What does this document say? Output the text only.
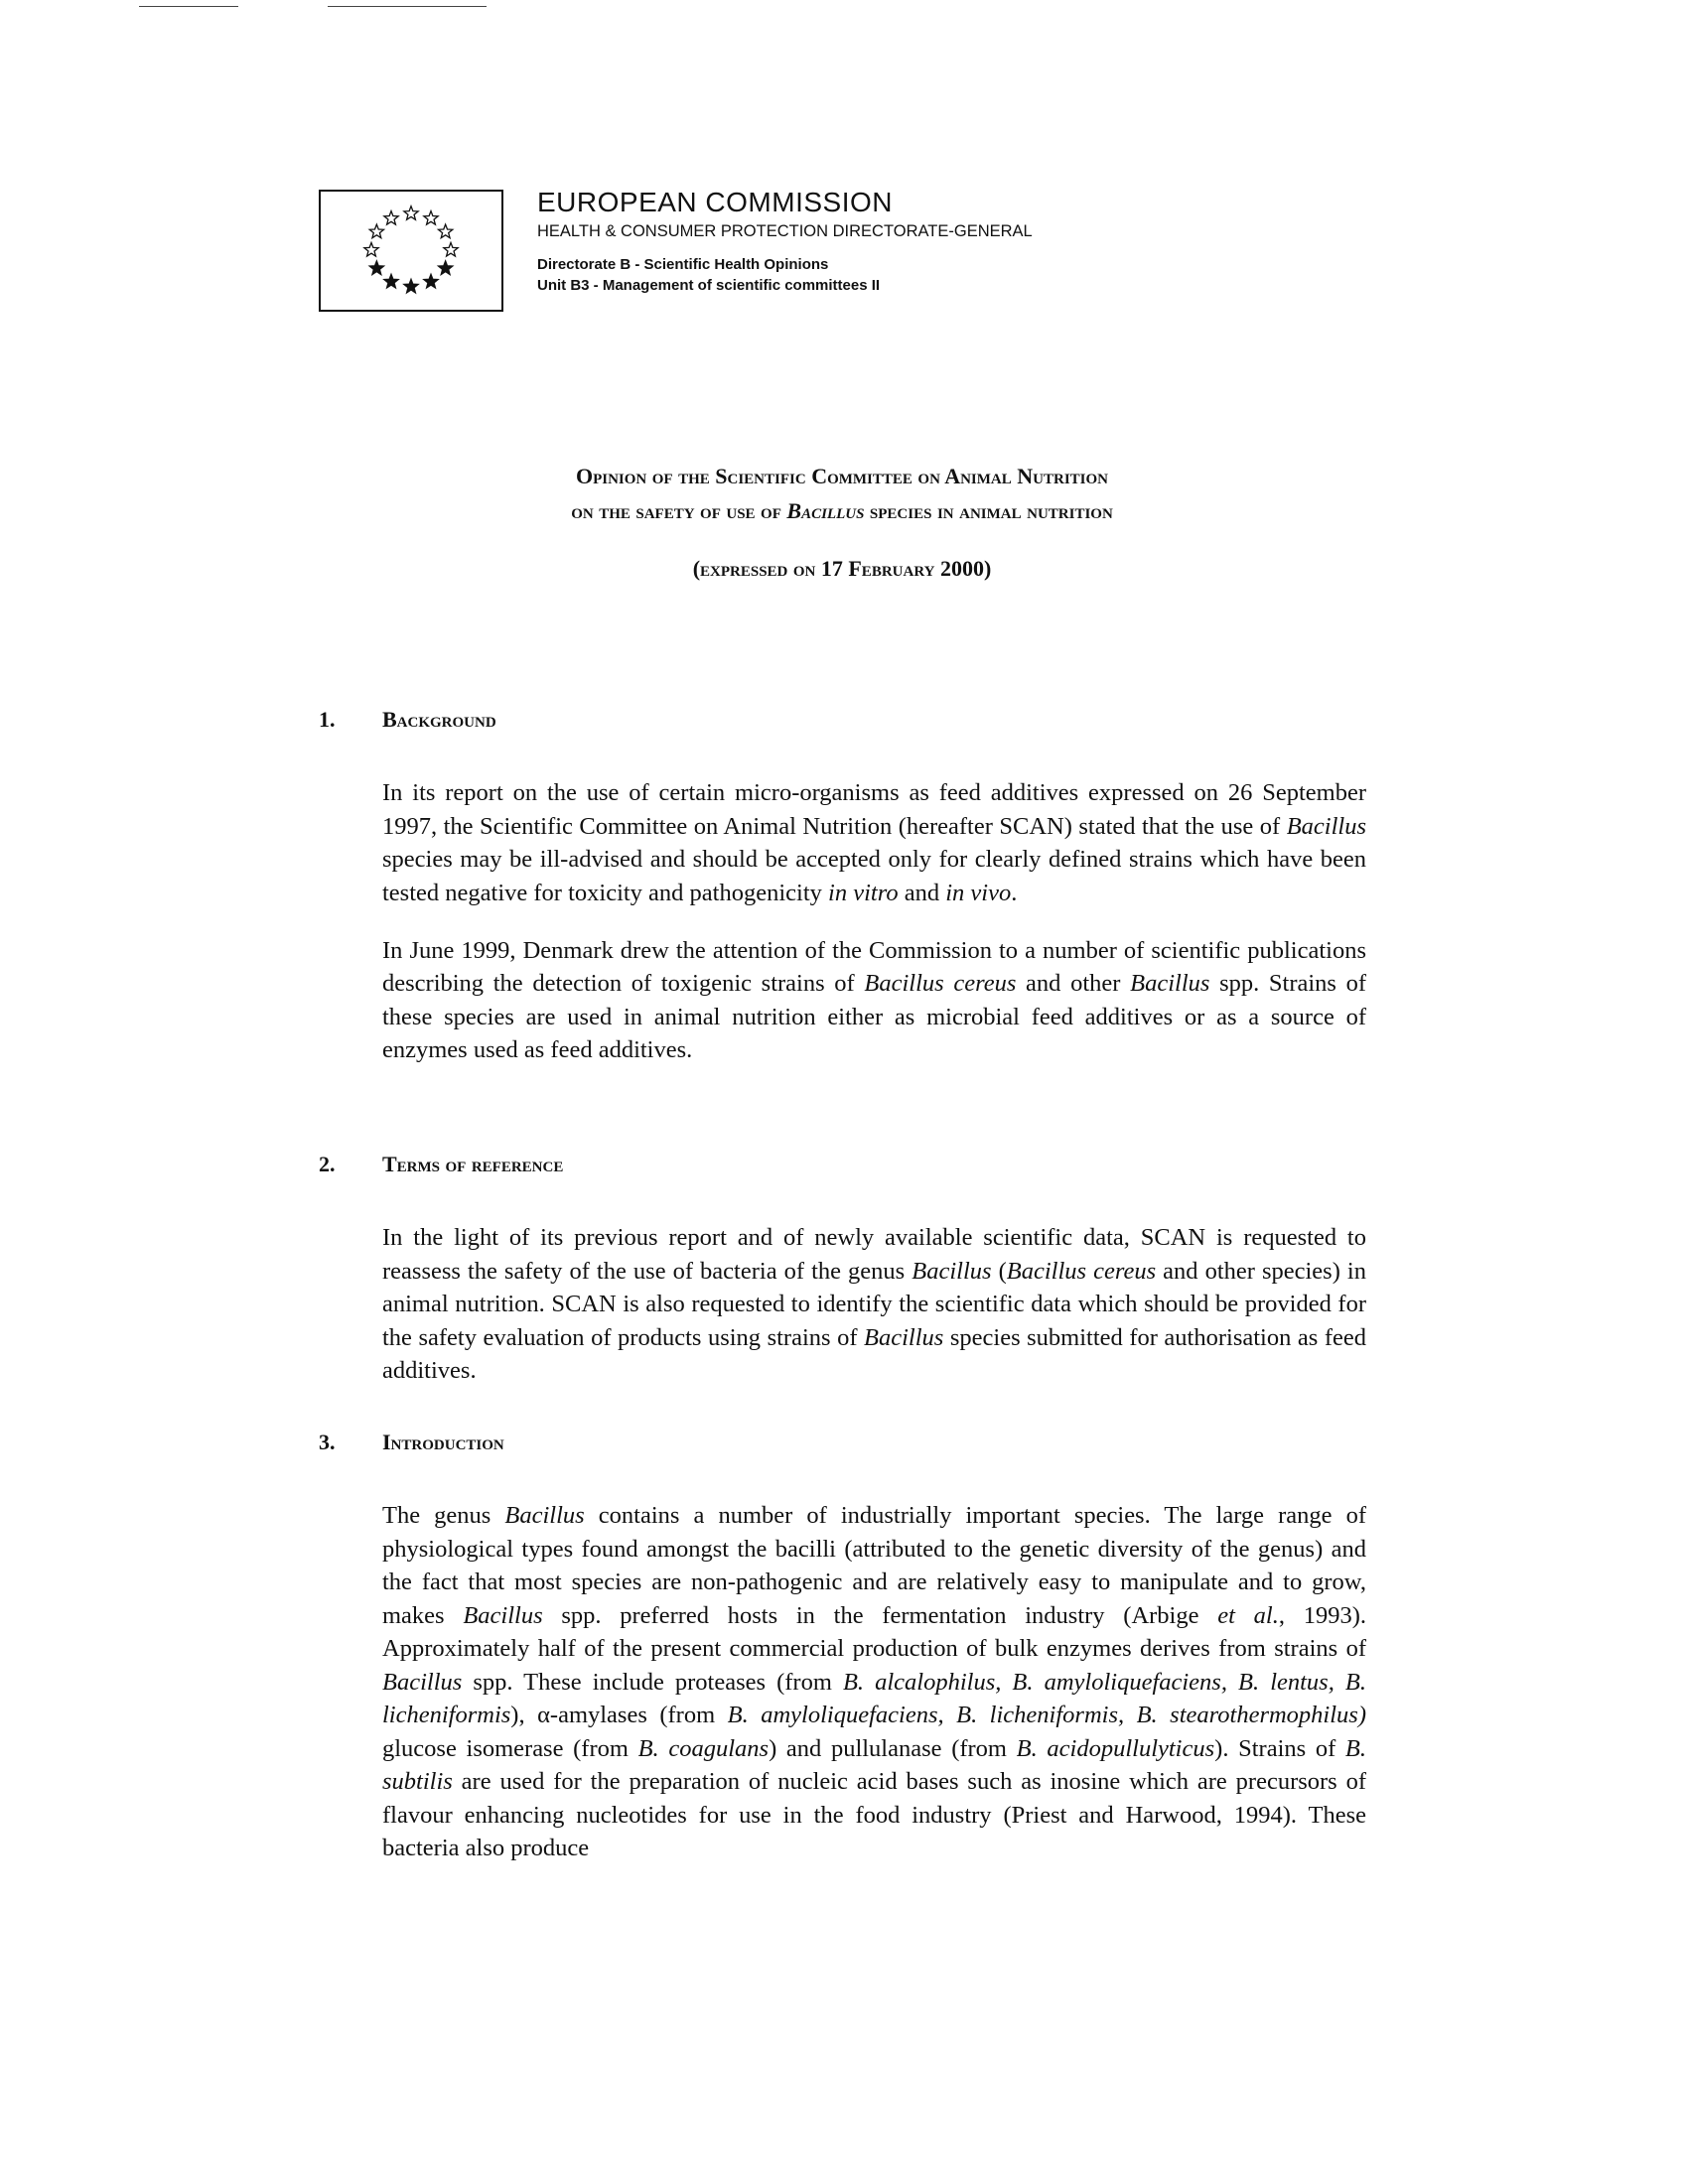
EUROPEAN COMMISSION
HEALTH & CONSUMER PROTECTION DIRECTORATE-GENERAL
Directorate B - Scientific Health Opinions
Unit B3 - Management of scientific committees II
Opinion of the Scientific Committee on Animal Nutrition
on the safety of use of Bacillus species in animal nutrition
(expressed on 17 February 2000)
1. Background

In its report on the use of certain micro-organisms as feed additives expressed on 26 September 1997, the Scientific Committee on Animal Nutrition (hereafter SCAN) stated that the use of Bacillus species may be ill-advised and should be accepted only for clearly defined strains which have been tested negative for toxicity and pathogenicity in vitro and in vivo.

In June 1999, Denmark drew the attention of the Commission to a number of scientific publications describing the detection of toxigenic strains of Bacillus cereus and other Bacillus spp. Strains of these species are used in animal nutrition either as microbial feed additives or as a source of enzymes used as feed additives.

2. Terms of reference

In the light of its previous report and of newly available scientific data, SCAN is requested to reassess the safety of the use of bacteria of the genus Bacillus (Bacillus cereus and other species) in animal nutrition. SCAN is also requested to identify the scientific data which should be provided for the safety evaluation of products using strains of Bacillus species submitted for authorisation as feed additives.

3. Introduction

The genus Bacillus contains a number of industrially important species. The large range of physiological types found amongst the bacilli (attributed to the genetic diversity of the genus) and the fact that most species are non-pathogenic and are relatively easy to manipulate and to grow, makes Bacillus spp. preferred hosts in the fermentation industry (Arbige et al., 1993). Approximately half of the present commercial production of bulk enzymes derives from strains of Bacillus spp. These include proteases (from B. alcalophilus, B. amyloliquefaciens, B. lentus, B. licheniformis), α-amylases (from B. amyloliquefaciens, B. licheniformis, B. stearothermophilus) glucose isomerase (from B. coagulans) and pullulanase (from B. acidopullulyticus). Strains of B. subtilis are used for the preparation of nucleic acid bases such as inosine which are precursors of flavour enhancing nucleotides for use in the food industry (Priest and Harwood, 1994). These bacteria also produce
